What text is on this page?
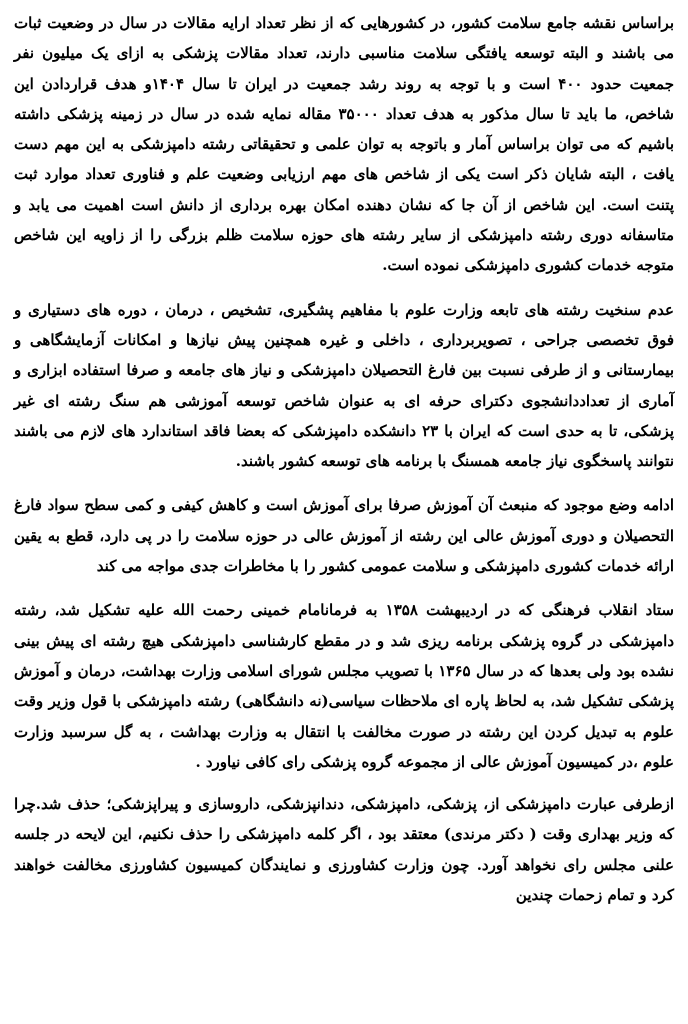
براساس نقشه جامع سلامت کشور، در کشورهایی که از نظر تعداد ارایه مقالات در سال در وضعیت ثبات می باشند و البته توسعه یافتگی سلامت مناسبی دارند، تعداد مقالات پزشکی به ازای یک میلیون نفر جمعیت حدود ۴۰۰ است و با توجه به روند رشد جمعیت در ایران تا سال ۱۴۰۴و هدف قراردادن این شاخص، ما باید تا سال مذکور به هدف تعداد ۳۵۰۰۰ مقاله نمایه شده در سال در زمینه پزشکی داشته باشیم که می توان براساس آمار و باتوجه به توان علمی و تحقیقاتی رشته دامپزشکی به این مهم دست یافت ، البته شایان ذکر است یکی از شاخص های مهم ارزیابی وضعیت علم و فناوری تعداد موارد ثبت پتنت است. این شاخص از آن جا که نشان دهنده امکان بهره برداری از دانش است اهمیت می یابد و متاسفانه دوری رشته دامپزشکی از سایر رشته های حوزه سلامت ظلم بزرگی را از زاویه این شاخص متوجه خدمات کشوری دامپزشکی نموده است.

عدم سنخیت رشته های تابعه وزارت علوم با مفاهیم پشگیری، تشخیص ، درمان ، دوره های دستیاری و فوق تخصصی جراحی ، تصویربرداری ، داخلی و غیره همچنین پیش نیازها و امکانات آزمایشگاهی و بیمارستانی و از طرفی نسبت بین فارغ التحصیلان دامپزشکی و نیاز های جامعه و صرفا استفاده ابزاری و آماری از تعداددانشجوی دکترای حرفه ای به عنوان شاخص توسعه آموزشی هم سنگ رشته ای غیر پزشکی، تا به حدی است که ایران با ۲۳ دانشکده دامپزشکی که بعضا فاقد استاندارد های لازم می باشند نتوانند پاسخگوی نیاز جامعه همسنگ با برنامه های توسعه کشور باشند.

ادامه وضع موجود که منبعث آن آموزش صرفا برای آموزش است و کاهش کیفی و کمی سطح سواد فارغ التحصیلان و دوری آموزش عالی این رشته از آموزش عالی در حوزه سلامت را در پی دارد، قطع به یقین ارائه خدمات کشوری دامپزشکی و سلامت عمومی کشور را با مخاطرات جدی مواجه می کند

ستاد انقلاب فرهنگی که در اردیبهشت ۱۳۵۸ به فرمانامام خمینی رحمت الله علیه تشکیل شد، رشته دامپزشکی در گروه پزشکی برنامه ریزی شد و در مقطع کارشناسی دامپزشکی هیچ رشته ای پیش بینی نشده بود ولی بعدها که در سال ۱۳۶۵ با تصویب مجلس شورای اسلامی وزارت بهداشت، درمان و آموزش پزشکی تشکیل شد، به لحاظ پاره ای ملاحظات سیاسی(نه دانشگاهی) رشته دامپزشکی با قول وزیر وقت علوم به تبدیل کردن این رشته در صورت مخالفت با انتقال به وزارت بهداشت ، به گل سرسبد وزارت علوم ،در کمیسیون آموزش عالی از مجموعه گروه پزشکی رای کافی نیاورد .

ازطرفی عبارت دامپزشکی از، پزشکی، دامپزشکی، دندانپزشکی، داروسازی و پیراپزشکی؛ حذف شد.چرا که وزیر بهداری وقت ( دکتر مرندی) معتقد بود ، اگر کلمه دامپزشکی را حذف نکنیم، این لایحه در جلسه علنی مجلس رای نخواهد آورد. چون وزارت کشاورزی و نمایندگان کمیسیون کشاورزی مخالفت خواهند کرد و تمام زحمات چندین
